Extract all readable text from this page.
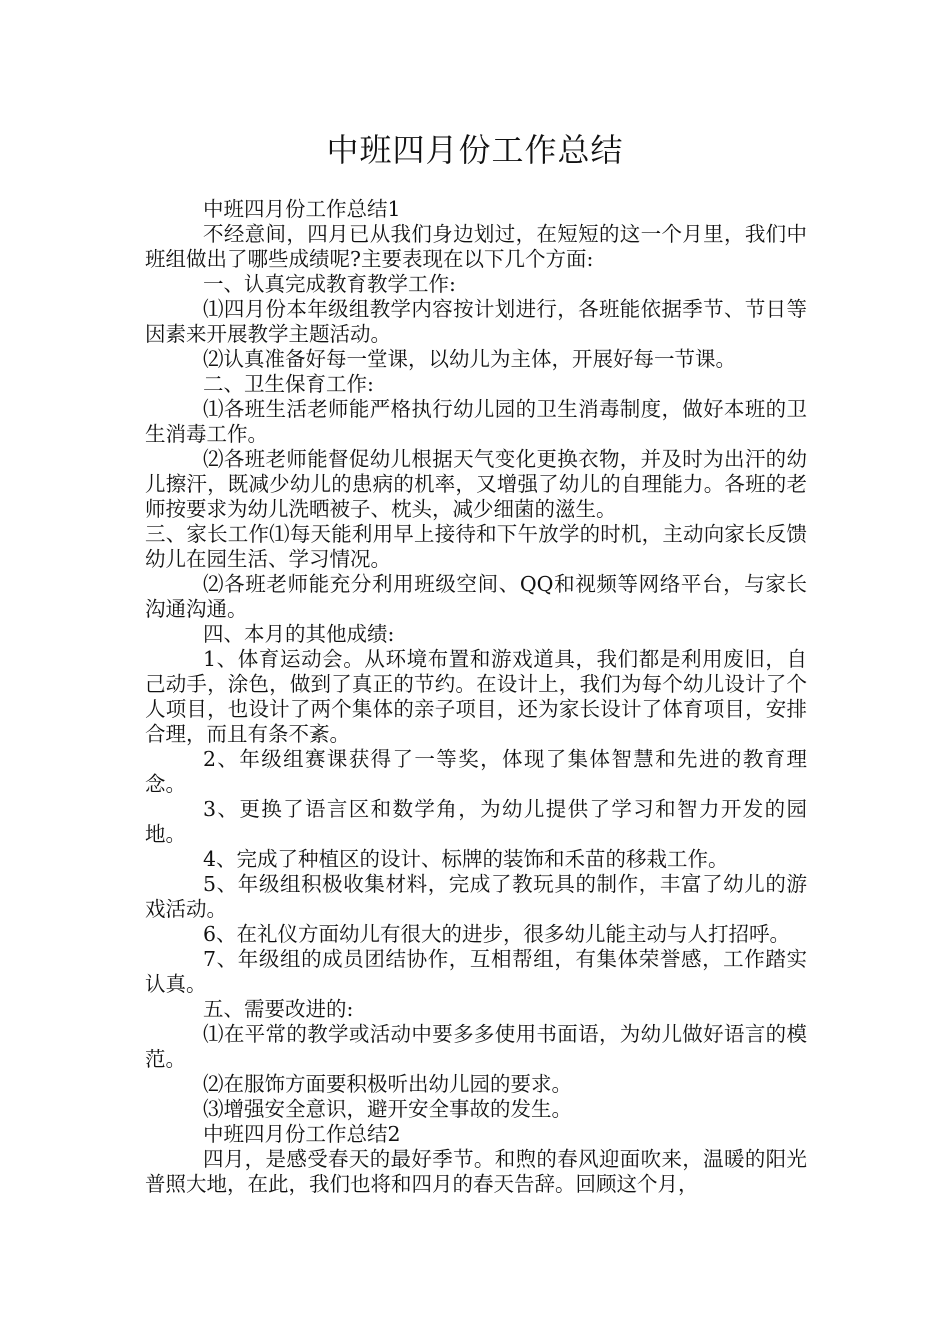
中班四月份工作总结

中班四月份工作总结1

不经意间，四月已从我们身边划过，在短短的这一个月里，我们中班组做出了哪些成绩呢?主要表现在以下几个方面:

一、认真完成教育教学工作:

⑴四月份本年级组教学内容按计划进行，各班能依据季节、节日等因素来开展教学主题活动。

⑵认真准备好每一堂课，以幼儿为主体，开展好每一节课。

二、卫生保育工作:

⑴各班生活老师能严格执行幼儿园的卫生消毒制度，做好本班的卫生消毒工作。

⑵各班老师能督促幼儿根据天气变化更换衣物，并及时为出汗的幼儿擦汗，既减少幼儿的患病的机率，又增强了幼儿的自理能力。各班的老师按要求为幼儿洗晒被子、枕头，减少细菌的滋生。

三、家长工作⑴每天能利用早上接待和下午放学的时机，主动向家长反馈幼儿在园生活、学习情况。

⑵各班老师能充分利用班级空间、QQ和视频等网络平台，与家长沟通沟通。

四、本月的其他成绩:

1、体育运动会。从环境布置和游戏道具，我们都是利用废旧，自己动手，涂色，做到了真正的节约。在设计上，我们为每个幼儿设计了个人项目，也设计了两个集体的亲子项目，还为家长设计了体育项目，安排合理，而且有条不紊。

2、年级组赛课获得了一等奖，体现了集体智慧和先进的教育理念。

3、更换了语言区和数学角，为幼儿提供了学习和智力开发的园地。

4、完成了种植区的设计、标牌的装饰和禾苗的移栽工作。

5、年级组积极收集材料，完成了教玩具的制作，丰富了幼儿的游戏活动。

6、在礼仪方面幼儿有很大的进步，很多幼儿能主动与人打招呼。

7、年级组的成员团结协作，互相帮组，有集体荣誉感，工作踏实认真。

五、需要改进的:

⑴在平常的教学或活动中要多多使用书面语，为幼儿做好语言的模范。

⑵在服饰方面要积极听出幼儿园的要求。

⑶增强安全意识，避开安全事故的发生。

中班四月份工作总结2

四月，是感受春天的最好季节。和煦的春风迎面吹来，温暖的阳光普照大地，在此，我们也将和四月的春天告辞。回顾这个月，
